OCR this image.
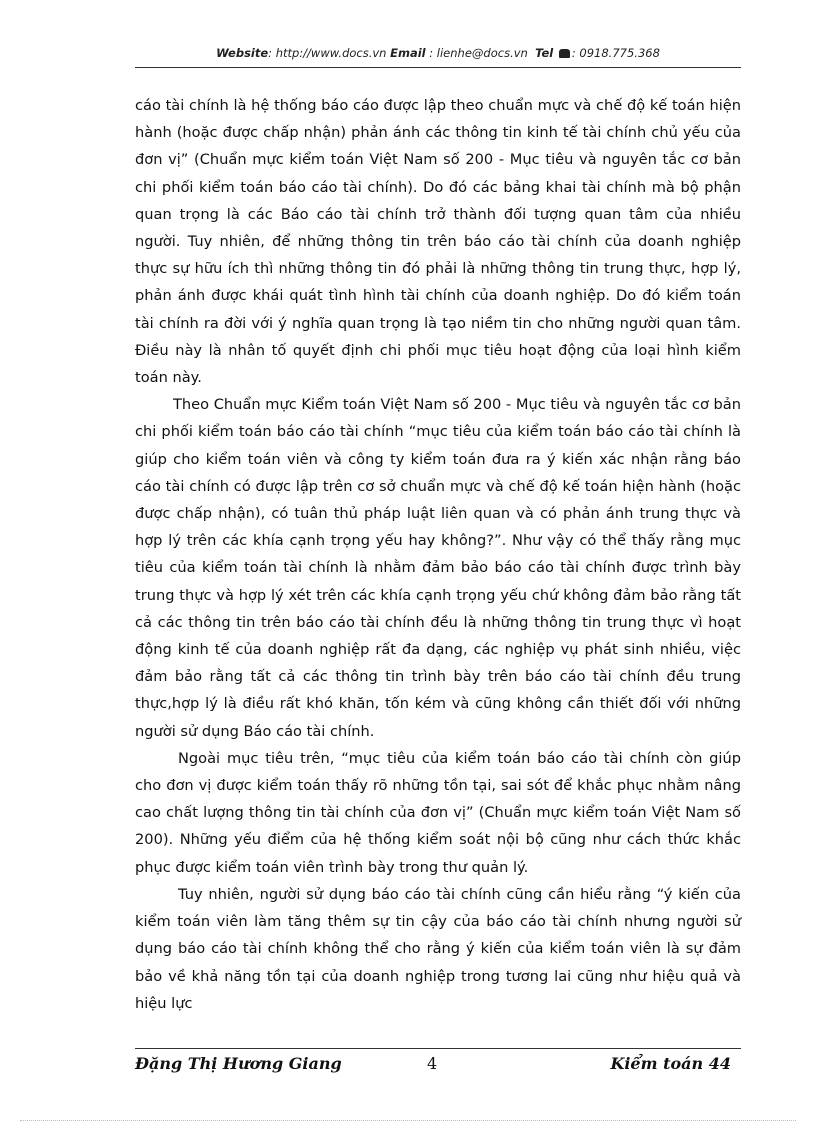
Website: http://www.docs.vn Email : lienhe@docs.vn Tel : 0918.775.368

cáo tài chính là hệ thống báo cáo được lập theo chuẩn mực và chế độ kế toán hiện hành (hoặc được chấp nhận) phản ánh các thông tin kinh tế tài chính chủ yếu của đơn vị” (Chuẩn mực kiểm toán Việt Nam số 200 - Mục tiêu và nguyên tắc cơ bản chi phối kiểm toán báo cáo tài chính). Do đó các bảng khai tài chính mà bộ phận quan trọng là các Báo cáo tài chính trở thành đối tượng quan tâm của nhiều người. Tuy nhiên, để những thông tin trên báo cáo tài chính của doanh nghiệp thực sự hữu ích thì những thông tin đó phải là những thông tin trung thực, hợp lý, phản ánh được khái quát tình hình tài chính của doanh nghiệp. Do đó kiểm toán tài chính ra đời với ý nghĩa quan trọng là tạo niềm tin cho những người quan tâm. Điều này là nhân tố quyết định chi phối mục tiêu hoạt động của loại hình kiểm toán này.

Theo Chuẩn mực Kiểm toán Việt Nam số 200 - Mục tiêu và nguyên tắc cơ bản chi phối kiểm toán báo cáo tài chính “mục tiêu của kiểm toán báo cáo tài chính là giúp cho kiểm toán viên và công ty kiểm toán đưa ra ý kiến xác nhận rằng báo cáo tài chính có được lập trên cơ sở chuẩn mực và chế độ kế toán hiện hành (hoặc được chấp nhận), có tuân thủ pháp luật liên quan và có phản ánh trung thực và hợp lý trên các khía cạnh trọng yếu hay không?”. Như vậy có thể thấy rằng mục tiêu của kiểm toán tài chính là nhằm đảm bảo báo cáo tài chính được trình bày trung thực và hợp lý xét trên các khía cạnh trọng yếu chứ không đảm bảo rằng tất cả các thông tin trên báo cáo tài chính đều là những thông tin trung thực vì hoạt động kinh tế của doanh nghiệp rất đa dạng, các nghiệp vụ phát sinh nhiều, việc đảm bảo rằng tất cả các thông tin trình bày trên báo cáo tài chính đều trung thực,hợp lý là điều rất khó khăn, tốn kém và cũng không cần thiết đối với những người sử dụng Báo cáo tài chính.

Ngoài mục tiêu trên, “mục tiêu của kiểm toán báo cáo tài chính còn giúp cho đơn vị được kiểm toán thấy rõ những tồn tại, sai sót để khắc phục nhằm nâng cao chất lượng thông tin tài chính của đơn vị” (Chuẩn mực kiểm toán Việt Nam số 200). Những yếu điểm của hệ thống kiểm soát nội bộ cũng như cách thức khắc phục được kiểm toán viên trình bày trong thư quản lý.

Tuy nhiên, người sử dụng báo cáo tài chính cũng cần hiểu rằng “ý kiến của kiểm toán viên làm tăng thêm sự tin cậy của báo cáo tài chính nhưng người sử dụng báo cáo tài chính không thể cho rằng ý kiến của kiểm toán viên là sự đảm bảo về khả năng tồn tại của doanh nghiệp trong tương lai cũng như hiệu quả và hiệu lực

Đặng Thị Hương Giang	4	Kiểm toán 44
